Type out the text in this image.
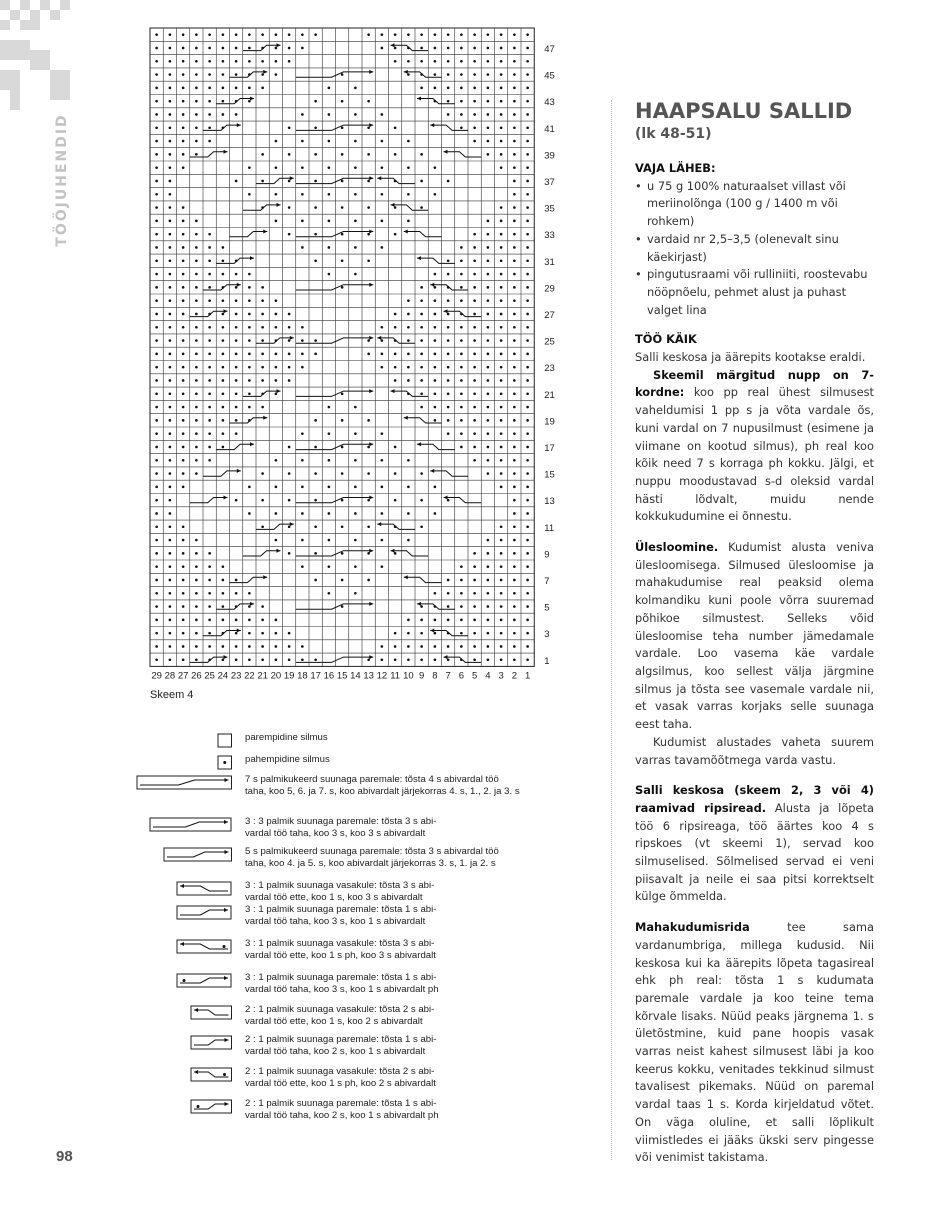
TÖÖJUHENDID
47
45
43
41
39
37
35
33
31
29
27
25
23
21
19
17
15
13
11
9
7
5
3
1
29 28 27 26 25 24 23 22 21 20 19 18 17 16 15 14 13 12 11 10 9 8 7 6 5 4 3 2 1
Skeem 4
parempidine silmus
pahempidine silmus
7 s palmikukeerd suunaga paremale: tõsta 4 s abivardal töö
taha, koo 5, 6. ja 7. s, koo abivardalt järjekorras 4. s, 1., 2. ja 3. s
3 : 3 palmik suunaga paremale: tõsta 3 s abi-
vardal töö taha, koo 3 s, koo 3 s abivardalt
5 s palmikukeerd suunaga paremale: tõsta 3 s abivardal töö
taha, koo 4. ja 5. s, koo abivardalt järjekorras 3. s, 1. ja 2. s
3 : 1 palmik suunaga vasakule: tõsta 3 s abi-
vardal töö ette, koo 1 s, koo 3 s abivardalt
3 : 1 palmik suunaga paremale: tõsta 1 s abi-
vardal töö taha, koo 3 s, koo 1 s abivardalt
3 : 1 palmik suunaga vasakule: tõsta 3 s abi-
vardal töö ette, koo 1 s ph, koo 3 s abivardalt
3 : 1 palmik suunaga paremale: tõsta 1 s abi-
vardal töö taha, koo 3 s, koo 1 s abivardalt ph
2 : 1 palmik suunaga vasakule: tõsta 2 s abi-
vardal töö ette, koo 1 s, koo 2 s abivardalt
2 : 1 palmik suunaga paremale: tõsta 1 s abi-
vardal töö taha, koo 2 s, koo 1 s abivardalt
2 : 1 palmik suunaga vasakule: tõsta 2 s abi-
vardal töö ette, koo 1 s ph, koo 2 s abivardalt
2 : 1 palmik suunaga paremale: tõsta 1 s abi-
vardal töö taha, koo 2 s, koo 1 s abivardalt ph
HAAPSALU SALLID
(lk 48-51)
VAJA LÄHEB:
• u 75 g 100% naturaalset villast või meriinolõnga (100 g / 1400 m või rohkem)
• vardaid nr 2,5–3,5 (olenevalt sinu käekirjast)
• pingutusraami või rulliniiti, roostevabu nööpnõelu, pehmet alust ja puhast valget lina
TÖÖ KÄIK

Salli keskosa ja äärepits kootakse eraldi.
Skeemil märgitud nupp on 7-kordne: koo pp real ühest silmusest vaheldumisi 1 pp s ja võta vardale õs, kuni vardal on 7 nupusilmust (esimene ja viimane on kootud silmus), ph real koo kõik need 7 s korraga ph kokku. Jälgi, et nuppu moodustavad s-d oleksid vardal hästi lõdvalt, muidu nende kokkukudumine ei õnnestu.

Ülesloomine. Kudumist alusta veniva ülesloomisega. Silmused ülesloomise ja mahakudumise real peaksid olema kolmandiku kuni poole võrra suuremad põhikoe silmustest. Selleks võid ülesloomise teha number jämedamale vardale. Loo vasema käe vardale algsilmus, koo sellest välja järgmine silmus ja tõsta see vasemale vardale nii, et vasak varras korjaks selle suunaga eest taha.
Kudumist alustades vaheta suurem varras tavamõõtmega varda vastu.

Salli keskosa (skeem 2, 3 või 4) raamivad ripsiread. Alusta ja lõpeta töö 6 ripsireaga, töö äärtes koo 4 s ripskoes (vt skeemi 1), servad koo silmuselised. Sõlmelised servad ei veni piisavalt ja neile ei saa pitsi korrektselt külge õmmelda.

Mahakudumisrida tee sama vardanumbriga, millega kudusid. Nii keskosa kui ka äärepits lõpeta tagasireal ehk ph real: tõsta 1 s kudumata paremale vardale ja koo teine tema kõrvale lisaks. Nüüd peaks järgnema 1. s ületõstmine, kuid pane hoopis vasak varras neist kahest silmusest läbi ja koo keerus kokku, venitades tekkinud silmust tavalisest pikemaks. Nüüd on paremal vardal taas 1 s. Korda kirjeldatud võtet. On väga oluline, et salli lõplikult viimistledes ei jääks ükski serv pingesse või venimist takistama.

98
